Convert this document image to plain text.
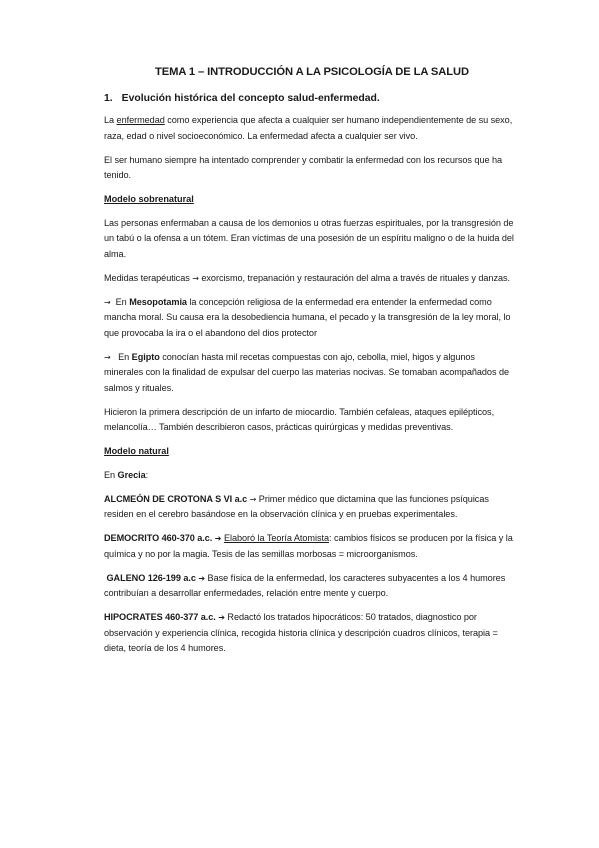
TEMA 1 – INTRODUCCIÓN A LA PSICOLOGÍA DE LA SALUD
1. Evolución histórica del concepto salud-enfermedad.

La enfermedad como experiencia que afecta a cualquier ser humano independientemente de su sexo, raza, edad o nivel socioeconómico. La enfermedad afecta a cualquier ser vivo.

El ser humano siempre ha intentado comprender y combatir la enfermedad con los recursos que ha tenido.

Modelo sobrenatural

Las personas enfermaban a causa de los demonios u otras fuerzas espirituales, por la transgresión de un tabú o la ofensa a un tótem. Eran víctimas de una posesión de un espíritu maligno o de la huida del alma.

Medidas terapéuticas → exorcismo, trepanación y restauración del alma a través de rituales y danzas.

→ En Mesopotamia la concepción religiosa de la enfermedad era entender la enfermedad como mancha moral. Su causa era la desobediencia humana, el pecado y la transgresión de la ley moral, lo que provocaba la ira o el abandono del dios protector

→ En Egipto conocían hasta mil recetas compuestas con ajo, cebolla, miel, higos y algunos minerales con la finalidad de expulsar del cuerpo las materias nocivas. Se tomaban acompañados de salmos y rituales.

Hicieron la primera descripción de un infarto de miocardio. También cefaleas, ataques epilépticos, melancolía… También describieron casos, prácticas quirúrgicas y medidas preventivas.

Modelo natural

En Grecia:

ALCMEÓN DE CROTONA S VI a.c → Primer médico que dictamina que las funciones psíquicas residen en el cerebro basándose en la observación clínica y en pruebas experimentales.

DEMOCRITO 460-370 a.c. ➔ Elaboró la Teoría Atomista: cambios físicos se producen por la física y la química y no por la magia. Tesis de las semillas morbosas = microorganismos.

GALENO 126-199 a.c ➔ Base física de la enfermedad, los caracteres subyacentes a los 4 humores contribuían a desarrollar enfermedades, relación entre mente y cuerpo.

HIPOCRATES 460-377 a.c. ➔ Redactó los tratados hipocráticos: 50 tratados, diagnostico por observación y experiencia clínica, recogida historia clínica y descripción cuadros clínicos, terapia = dieta, teoría de los 4 humores.
